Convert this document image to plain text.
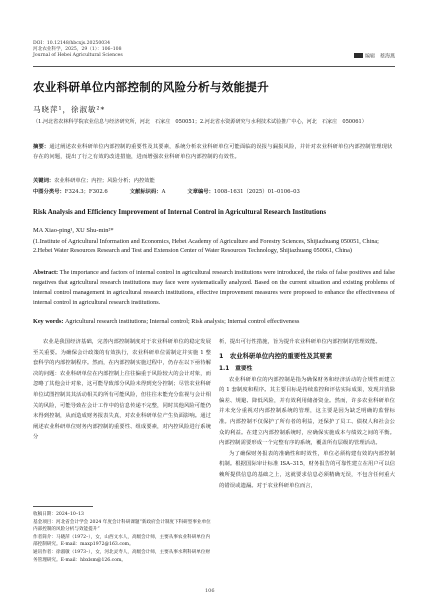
DOI：10.12148/hbcxjs.20250034
河北农业科学，2025，29（1）：106–108
Journal of Hebei Agricultural Sciences	编辑　蔡海燕
农业科研单位内部控制的风险分析与效能提升
马晓萍¹，徐淑敏²*
（1.河北省农林科学院农业信息与经济研究所，河北　石家庄　050051；2.河北省水资源研究与水利技术试验推广中心，河北　石家庄　050061）
摘要：通过阐述农业科研单位内部控制的重要性及其要素，系统分析农业科研单位可能面临的误报与漏报风险，并针对农业科研单位内部控制管理现状存在的问题，提出了行之有效的改进措施，进而增强农业科研单位内部控制的有效性。
关键词：农业科研单位；内控；风险分析；内控效能
中图分类号：F324.3；F302.6	文献标识码：A	文章编号：1008–1631（2025）01–0106–03
Risk Analysis and Efficiency Improvement of Internal Control in Agricultural Research Institutions
MA Xiao-ping¹, XU Shu-min²*
(1.Institute of Agricultural Information and Economics, Hebei Academy of Agriculture and Forestry Sciences, Shijiazhuang 050051, China; 2.Hebei Water Resources Research and Test and Extension Center of Water Resources Technology, Shijiazhuang 050061, China)
Abstract: The importance and factors of internal control in agricultural research institutions were introduced, the risks of false positives and false negatives that agricultural research institutions may face were systematically analyzed. Based on the current situation and existing problems of internal control management in agricultural research institutions, effective improvement measures were proposed to enhance the effectiveness of internal control in agricultural research institutions.
Key words: Agricultural research institutions; Internal control; Risk analysis; Internal control effectiveness
农业是我国经济基础，完善内部控制制度对于农业科研单位的稳定发展至关重要。为确保会计政策的有效执行，农业科研单位需制定并实施 1 整套科学的内部控制程序。然而，在内部控制实施过程中，仍存在以下亟待解决的问题：农业科研单位在内部控制上往往偏重于风险较大的会计对象，而忽略了其他会计对象，这可能导致部分风险未得到充分控制；尽管农业科研单位试图控制其其活动相关的所有可能风险，但往往未能充分监视与会计相关的风险，可能导致在会计工作中的信息传递不完整，同时其他风险可能仍未得到控制，从而造成财务报表失真，对农业科研单位产生负面影响。通过阐述农业科研单位财务内部控制的重要性、组成要素，对内控风险进行系统分

收稿日期：2024–10–13

基金项目：河北省会计学会 2024 年度会计科研课题“新政府会计制度下科研型事业单位内部控制的风险分析与效能提升”

作者简介：马晓萍（1972–），女，山西文水人，高级会计师，主要从事农业科研单位内部控制研究。E-mail：maxp1972@163.com。

通讯作者：徐淑敏（1973–），女，河北灵寿人，高级会计师，主要从事水利科研单位财务管理研究。E-mail：hbxlsm@126.com。

析，提出可行性措施，旨为提升农业科研单位内部控制的管理效能。
1　农业科研单位内控的重要性及其要素
1.1　重要性
农业科研单位的内部控制是指为确保财务和经济活动的合规性而建立的 1 套制度和程序。其主要目标是持续监控和评估实际成果，发现并消除偏差、规避、降低风险，并有效利用储备资金。然而，许多农业科研单位并未充分重视对内部控制系统的管理，这主要是因为缺乏明确的监督标准。内部控制不仅保护了所有者的利益，还保护了员工、债权人和社会公众的利益。在建立内部控制系统时，应确保实施成本与绩效之间的平衡。内部控制需要形成一个完整有序的系统，覆盖所有层级的管理活动。
为了确保财务报表的准确性和时效性，单位必须构建有效的内部控制机制。根据国际审计标准 ISA–315，财务报告的可靠性建立在用户可以信赖所提供信息的基础之上，这就要求信息必须精确无误，不包含任何重大的错误或遗漏。对于农业科研单位而言，
106
